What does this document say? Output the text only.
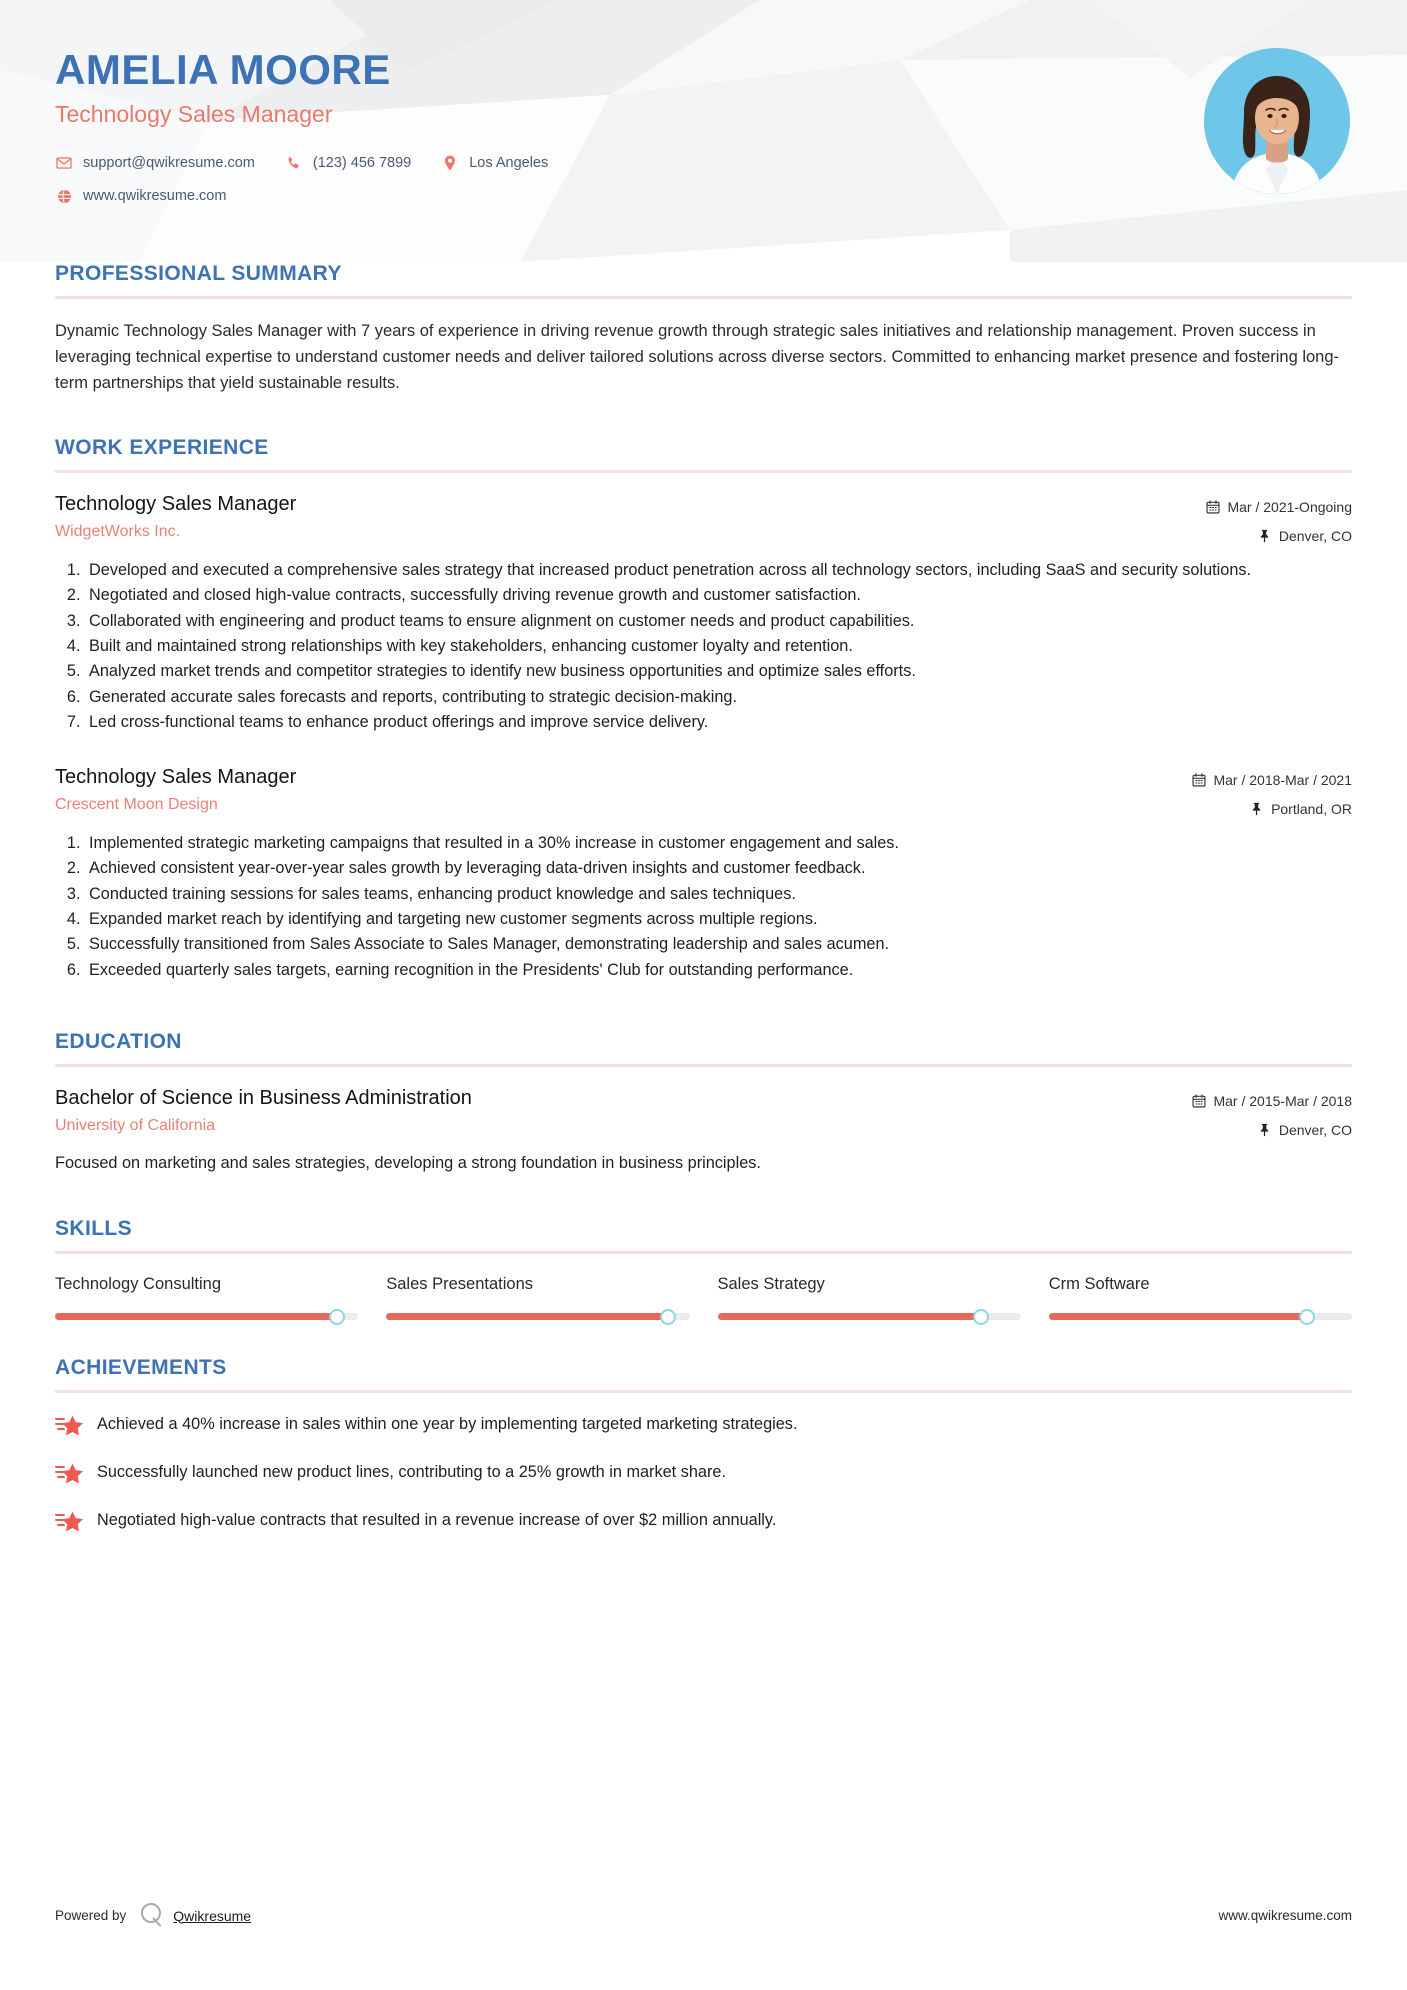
AMELIA MOORE
Technology Sales Manager
support@qwikresume.com	(123) 456 7899	Los Angeles
www.qwikresume.com
PROFESSIONAL SUMMARY

Dynamic Technology Sales Manager with 7 years of experience in driving revenue growth through strategic sales initiatives and relationship management. Proven success in leveraging technical expertise to understand customer needs and deliver tailored solutions across diverse sectors. Committed to enhancing market presence and fostering long-term partnerships that yield sustainable results.

WORK EXPERIENCE
Technology Sales Manager
WidgetWorks Inc.
Mar / 2021-Ongoing
Denver, CO
1. Developed and executed a comprehensive sales strategy that increased product penetration across all technology sectors, including SaaS and security solutions.
2. Negotiated and closed high-value contracts, successfully driving revenue growth and customer satisfaction.
3. Collaborated with engineering and product teams to ensure alignment on customer needs and product capabilities.
4. Built and maintained strong relationships with key stakeholders, enhancing customer loyalty and retention.
5. Analyzed market trends and competitor strategies to identify new business opportunities and optimize sales efforts.
6. Generated accurate sales forecasts and reports, contributing to strategic decision-making.
7. Led cross-functional teams to enhance product offerings and improve service delivery.
Technology Sales Manager
Crescent Moon Design
Mar / 2018-Mar / 2021
Portland, OR
1. Implemented strategic marketing campaigns that resulted in a 30% increase in customer engagement and sales.
2. Achieved consistent year-over-year sales growth by leveraging data-driven insights and customer feedback.
3. Conducted training sessions for sales teams, enhancing product knowledge and sales techniques.
4. Expanded market reach by identifying and targeting new customer segments across multiple regions.
5. Successfully transitioned from Sales Associate to Sales Manager, demonstrating leadership and sales acumen.
6. Exceeded quarterly sales targets, earning recognition in the Presidents' Club for outstanding performance.
EDUCATION
Bachelor of Science in Business Administration
University of California
Mar / 2015-Mar / 2018
Denver, CO

Focused on marketing and sales strategies, developing a strong foundation in business principles.

SKILLS
Technology Consulting	Sales Presentations	Sales Strategy	Crm Software
ACHIEVEMENTS
Achieved a 40% increase in sales within one year by implementing targeted marketing strategies.
Successfully launched new product lines, contributing to a 25% growth in market share.
Negotiated high-value contracts that resulted in a revenue increase of over $2 million annually.
Powered by	Qwikresume	www.qwikresume.com
